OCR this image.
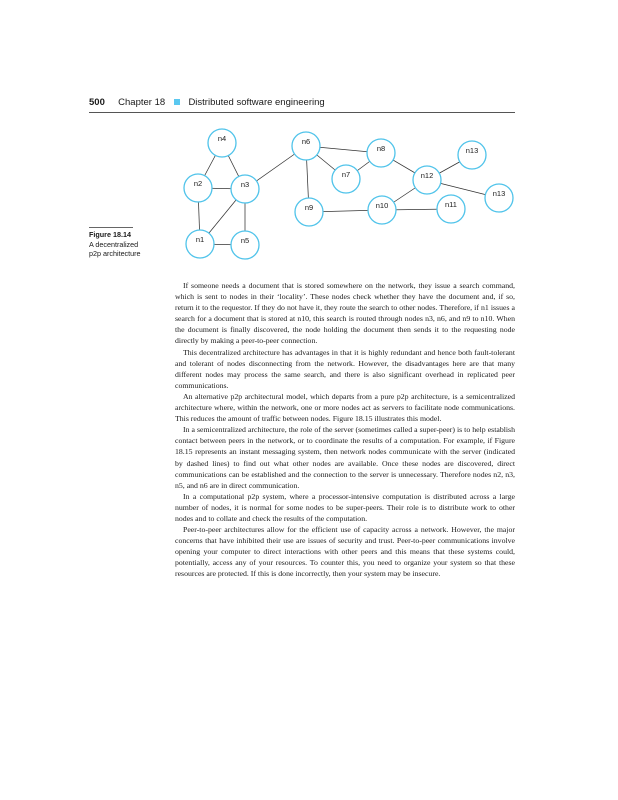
500 Chapter 18 Distributed software engineering
n4	n6
n8	n13
n7	n12
n2	n3
n13
n9	n10	n11
n1	n5
Figure 18.14
A decentralized
p2p architecture

If someone needs a document that is stored somewhere on the network, they issue a search command, which is sent to nodes in their ‘locality’. These nodes check whether they have the document and, if so, return it to the requestor. If they do not have it, they route the search to other nodes. Therefore, if n1 issues a search for a document that is stored at n10, this search is routed through nodes n3, n6, and n9 to n10. When the document is finally discovered, the node holding the document then sends it to the requesting node directly by making a peer-to-peer connection.

This decentralized architecture has advantages in that it is highly redundant and hence both fault-tolerant and tolerant of nodes disconnecting from the network. However, the disadvantages here are that many different nodes may process the same search, and there is also significant overhead in replicated peer communications.

An alternative p2p architectural model, which departs from a pure p2p architecture, is a semicentralized architecture where, within the network, one or more nodes act as servers to facilitate node communications. This reduces the amount of traffic between nodes. Figure 18.15 illustrates this model.

In a semicentralized architecture, the role of the server (sometimes called a super-peer) is to help establish contact between peers in the network, or to coordinate the results of a computation. For example, if Figure 18.15 represents an instant messaging system, then network nodes communicate with the server (indicated by dashed lines) to find out what other nodes are available. Once these nodes are discovered, direct communications can be established and the connection to the server is unnecessary. Therefore nodes n2, n3, n5, and n6 are in direct communication.

In a computational p2p system, where a processor-intensive computation is distributed across a large number of nodes, it is normal for some nodes to be super-peers. Their role is to distribute work to other nodes and to collate and check the results of the computation.

Peer-to-peer architectures allow for the efficient use of capacity across a network. However, the major concerns that have inhibited their use are issues of security and trust. Peer-to-peer communications involve opening your computer to direct interactions with other peers and this means that these systems could, potentially, access any of your resources. To counter this, you need to organize your system so that these resources are protected. If this is done incorrectly, then your system may be insecure.
